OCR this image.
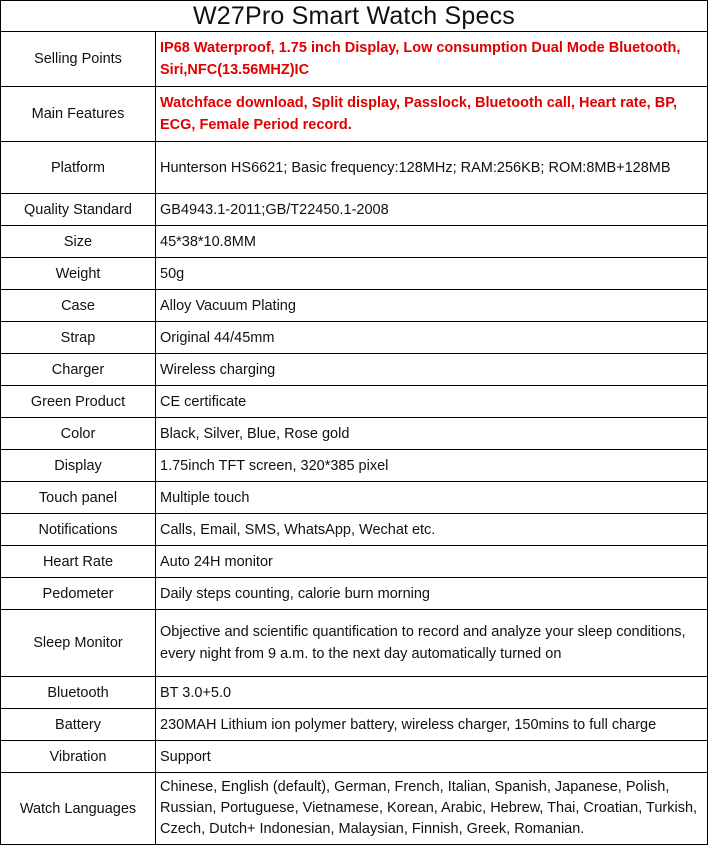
W27Pro Smart Watch Specs	
Selling Points	IP68 Waterproof, 1.75 inch Display, Low consumption Dual Mode Bluetooth, Siri,NFC(13.56MHZ)IC
Main Features	Watchface download, Split display, Passlock, Bluetooth call, Heart rate, BP, ECG, Female Period record.
Platform	Hunterson HS6621; Basic frequency:128MHz; RAM:256KB; ROM:8MB+128MB
Quality Standard	GB4943.1-2011;GB/T22450.1-2008
Size	45*38*10.8MM
Weight	50g
Case	Alloy Vacuum Plating
Strap	Original 44/45mm
Charger	Wireless charging
Green Product	CE certificate
Color	Black, Silver, Blue, Rose gold
Display	1.75inch TFT screen, 320*385 pixel
Touch panel	Multiple touch
Notifications	Calls, Email, SMS, WhatsApp, Wechat etc.
Heart Rate	Auto 24H monitor
Pedometer	Daily steps counting, calorie burn morning
Sleep Monitor	Objective and scientific quantification to record and analyze your sleep conditions, every night from 9 a.m. to the next day automatically turned on
Bluetooth	BT 3.0+5.0
Battery	230MAH Lithium ion polymer battery, wireless charger, 150mins to full charge
Vibration	Support
Watch Languages	Chinese, English (default), German, French, Italian, Spanish, Japanese, Polish, Russian, Portuguese, Vietnamese, Korean, Arabic, Hebrew, Thai, Croatian, Turkish, Czech, Dutch+ Indonesian, Malaysian, Finnish, Greek, Romanian.
